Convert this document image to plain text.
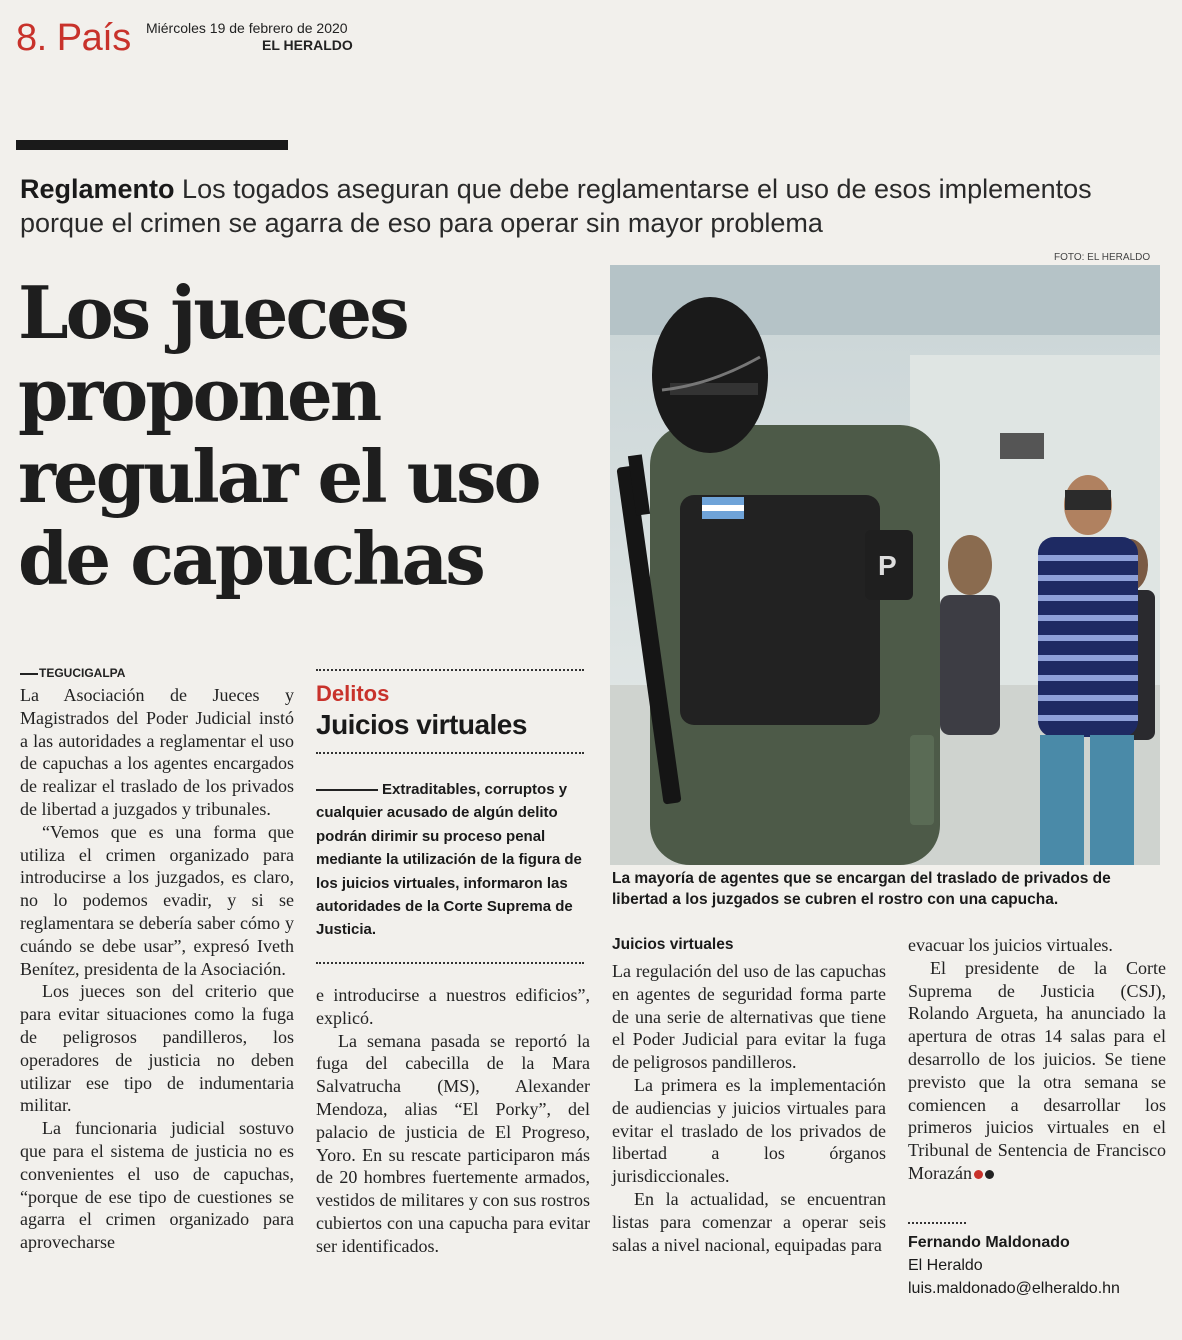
8. País Miércoles 19 de febrero de 2020
EL HERALDO
Reglamento Los togados aseguran que debe reglamentarse el uso de esos implementos porque el crimen se agarra de eso para operar sin mayor problema
Los jueces proponen regular el uso de capuchas
FOTO: EL HERALDO
P
La mayoría de agentes que se encargan del traslado de privados de libertad a los juzgados se cubren el rostro con una capucha.
TEGUCIGALPA

La Asociación de Jueces y Magistrados del Poder Judicial instó a las autoridades a reglamentar el uso de capuchas a los agentes encargados de realizar el traslado de los privados de libertad a juzgados y tribunales.

“Vemos que es una forma que utiliza el crimen organizado para introducirse a los juzgados, es claro, no lo podemos evadir, y si se reglamentara se debería saber cómo y cuándo se debe usar”, expresó Iveth Benítez, presidenta de la Asociación.

Los jueces son del criterio que para evitar situaciones como la fuga de peligrosos pandilleros, los operadores de justicia no deben utilizar ese tipo de indumentaria militar.

La funcionaria judicial sostuvo que para el sistema de justicia no es convenientes el uso de capuchas, “porque de ese tipo de cuestiones se agarra el crimen organizado para aprovecharse

Delitos
Juicios virtuales
Extraditables, corruptos y cualquier acusado de algún delito podrán dirimir su proceso penal mediante la utilización de la figura de los juicios virtuales, informaron las autoridades de la Corte Suprema de Justicia.

e introducirse a nuestros edificios”, explicó.

La semana pasada se reportó la fuga del cabecilla de la Mara Salvatrucha (MS), Alexander Mendoza, alias “El Porky”, del palacio de justicia de El Progreso, Yoro. En su rescate participaron más de 20 hombres fuertemente armados, vestidos de militares y con sus rostros cubiertos con una capucha para evitar ser identificados.

Juicios virtuales

La regulación del uso de las capuchas en agentes de seguridad forma parte de una serie de alternativas que tiene el Poder Judicial para evitar la fuga de peligrosos pandilleros.

La primera es la implementación de audiencias y juicios virtuales para evitar el traslado de los privados de libertad a los órganos jurisdiccionales.

En la actualidad, se encuentran listas para comenzar a operar seis salas a nivel nacional, equipadas para

evacuar los juicios virtuales.

El presidente de la Corte Suprema de Justicia (CSJ), Rolando Argueta, ha anunciado la apertura de otras 14 salas para el desarrollo de los juicios. Se tiene previsto que la otra semana se comiencen a desarrollar los primeros juicios virtuales en el Tribunal de Sentencia de Francisco Morazán

Fernando Maldonado
El Heraldo
luis.maldonado@elheraldo.hn
